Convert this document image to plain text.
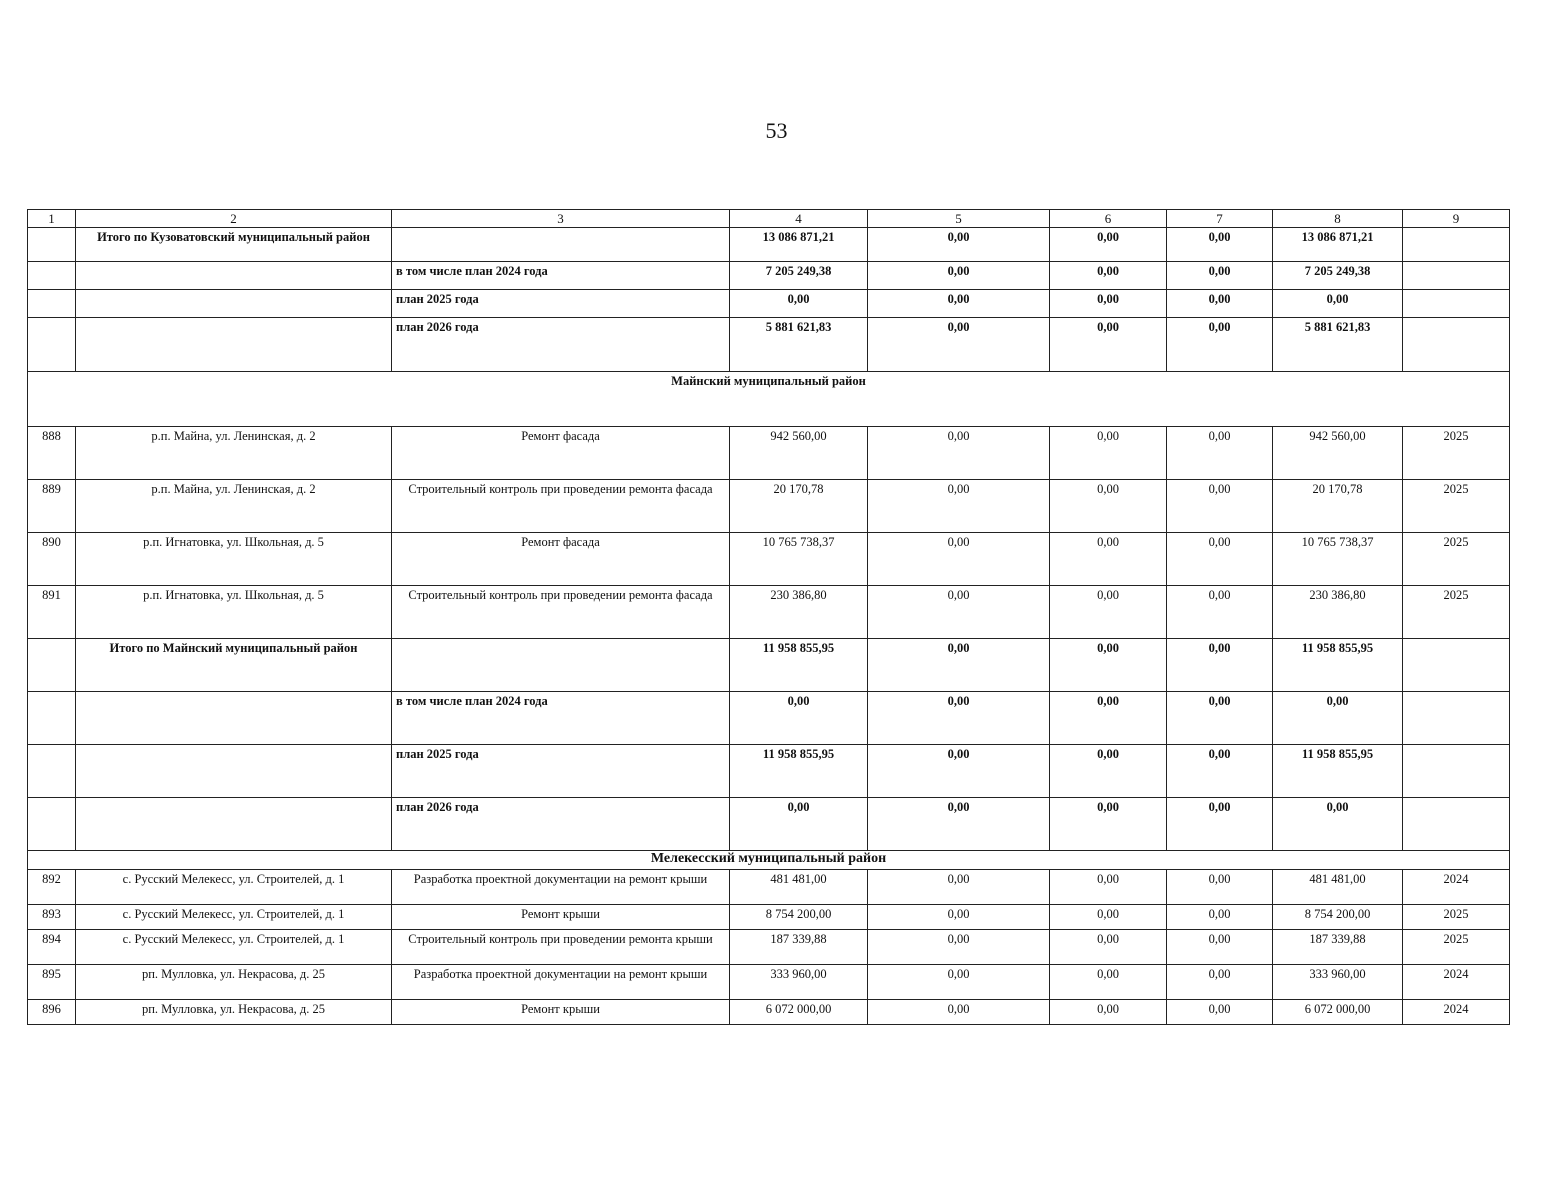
53
1	2	3	4	5	6	7	8	9
	Итого по Кузоватовский муниципальный район		13 086 871,21	0,00	0,00	0,00	13 086 871,21	
		в том числе план 2024 года	7 205 249,38	0,00	0,00	0,00	7 205 249,38	
		план 2025 года	0,00	0,00	0,00	0,00	0,00	
		план 2026 года	5 881 621,83	0,00	0,00	0,00	5 881 621,83	
Майнский муниципальный район								
888	р.п. Майна, ул. Ленинская, д. 2	Ремонт фасада	942 560,00	0,00	0,00	0,00	942 560,00	2025
889	р.п. Майна, ул. Ленинская, д. 2	Строительный контроль при проведении ремонта фасада	20 170,78	0,00	0,00	0,00	20 170,78	2025
890	р.п. Игнатовка, ул. Школьная, д. 5	Ремонт фасада	10 765 738,37	0,00	0,00	0,00	10 765 738,37	2025
891	р.п. Игнатовка, ул. Школьная, д. 5	Строительный контроль при проведении ремонта фасада	230 386,80	0,00	0,00	0,00	230 386,80	2025
	Итого по Майнский муниципальный район		11 958 855,95	0,00	0,00	0,00	11 958 855,95	
		в том числе план 2024 года	0,00	0,00	0,00	0,00	0,00	
		план 2025 года	11 958 855,95	0,00	0,00	0,00	11 958 855,95	
		план 2026 года	0,00	0,00	0,00	0,00	0,00	
Мелекесский муниципальный район								
892	с. Русский Мелекесс, ул. Строителей, д. 1	Разработка проектной документации на ремонт крыши	481 481,00	0,00	0,00	0,00	481 481,00	2024
893	с. Русский Мелекесс, ул. Строителей, д. 1	Ремонт крыши	8 754 200,00	0,00	0,00	0,00	8 754 200,00	2025
894	с. Русский Мелекесс, ул. Строителей, д. 1	Строительный контроль при проведении ремонта крыши	187 339,88	0,00	0,00	0,00	187 339,88	2025
895	рп. Мулловка, ул. Некрасова, д. 25	Разработка проектной документации на ремонт крыши	333 960,00	0,00	0,00	0,00	333 960,00	2024
896	рп. Мулловка, ул. Некрасова, д. 25	Ремонт крыши	6 072 000,00	0,00	0,00	0,00	6 072 000,00	2024
